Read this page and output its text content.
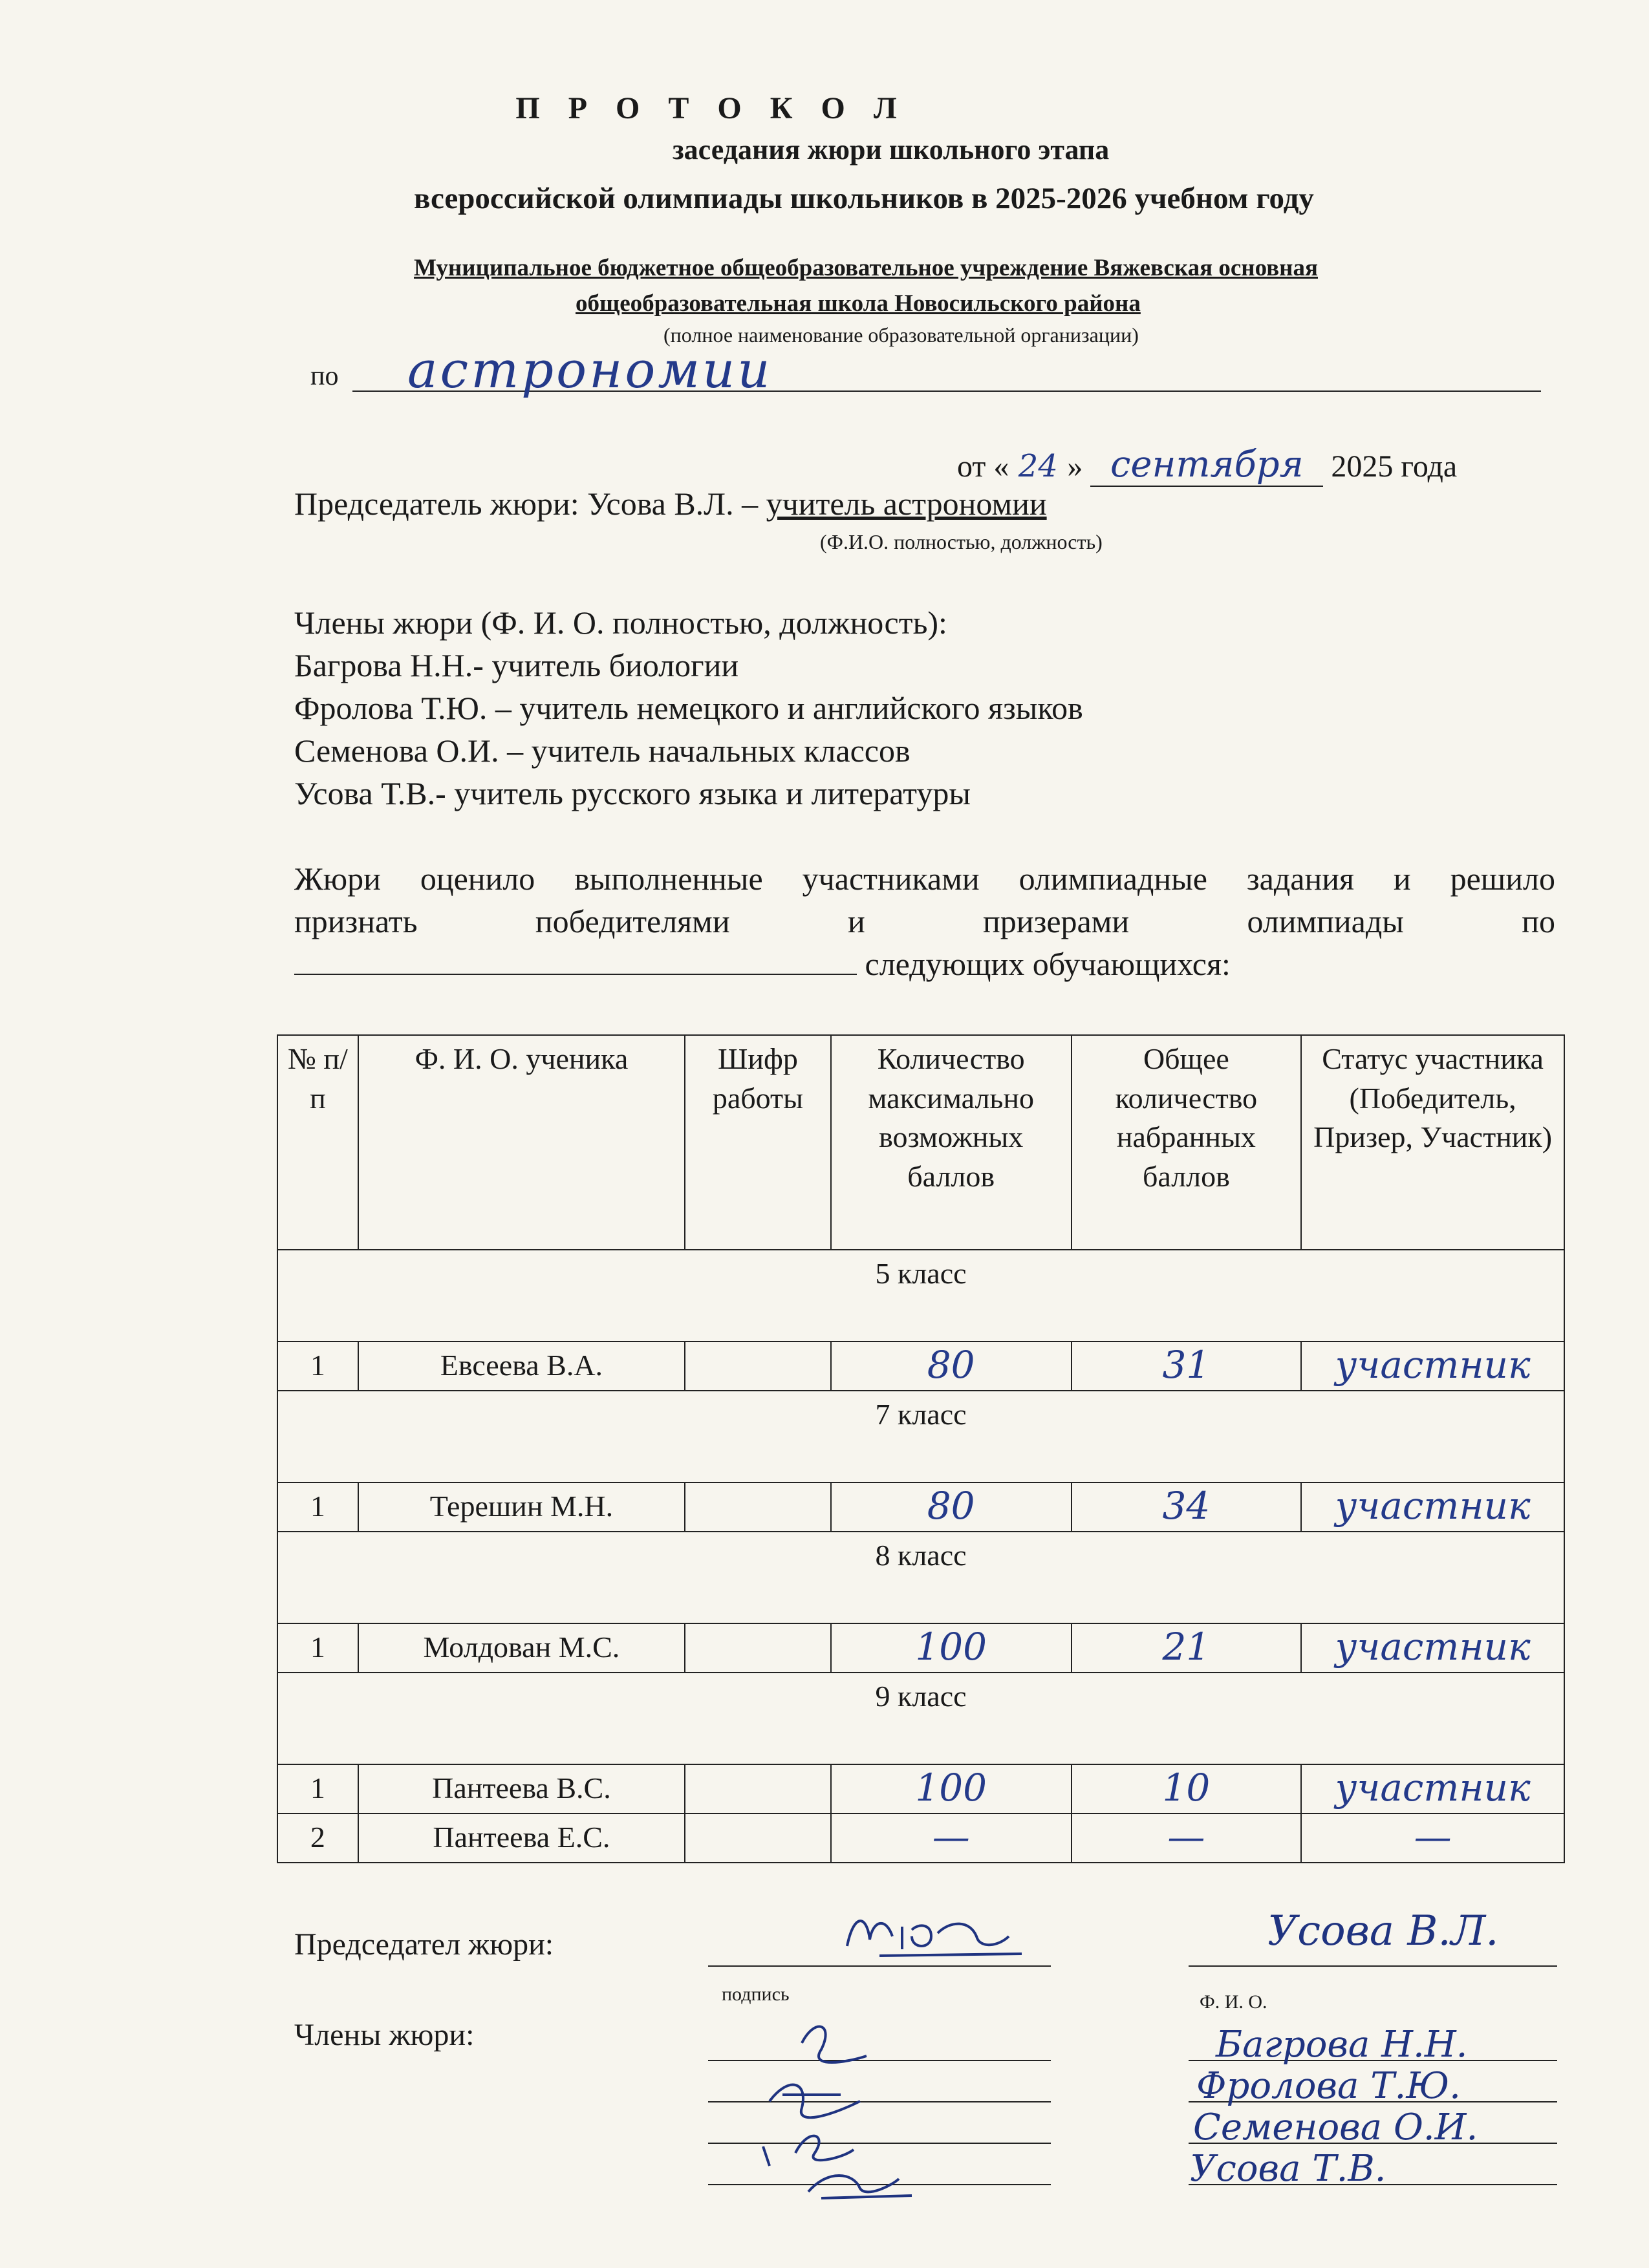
П Р О Т О К О Л
заседания жюри школьного этапа
всероссийской олимпиады школьников в 2025-2026 учебном году
Муниципальное бюджетное общеобразовательное учреждение Вяжевская основная
общеобразовательная школа Новосильского района
(полное наименование образовательной организации)
по астрономии
от « 24 » сентября 2025 года
Председатель жюри: Усова В.Л. – учитель астрономии
(Ф.И.О. полностью, должность)
Члены жюри (Ф. И. О. полностью, должность):
Багрова Н.Н.- учитель биологии
Фролова Т.Ю. – учитель немецкого и английского языков
Семенова О.И. – учитель начальных классов
Усова Т.В.- учитель русского языка и литературы
Жюри оценило выполненные участниками олимпиадные задания и решило
признать	победителями	и	призерами	олимпиады	по
следующих обучающихся:
№ п/п	Ф. И. О. ученика	Шифр работы	Количество максимально возможных баллов	Общее количество набранных баллов	Статус участника (Победитель, Призер, Участник)
5 класс					
1	Евсеева В.А.		80	31	участник
7 класс					
1	Терешин М.Н.		80	34	участник
8 класс					
1	Молдован М.С.		100	21	участник
9 класс					
1	Пантеева В.С.		100	10	участник
2	Пантеева Е.С.		—	—	—
Председател жюри:
подпись	Ф. И. О.
Усова В.Л.
Члены жюри:	Багрова Н.Н.
Фролова Т.Ю.
Семенова О.И.
Усова Т.В.
